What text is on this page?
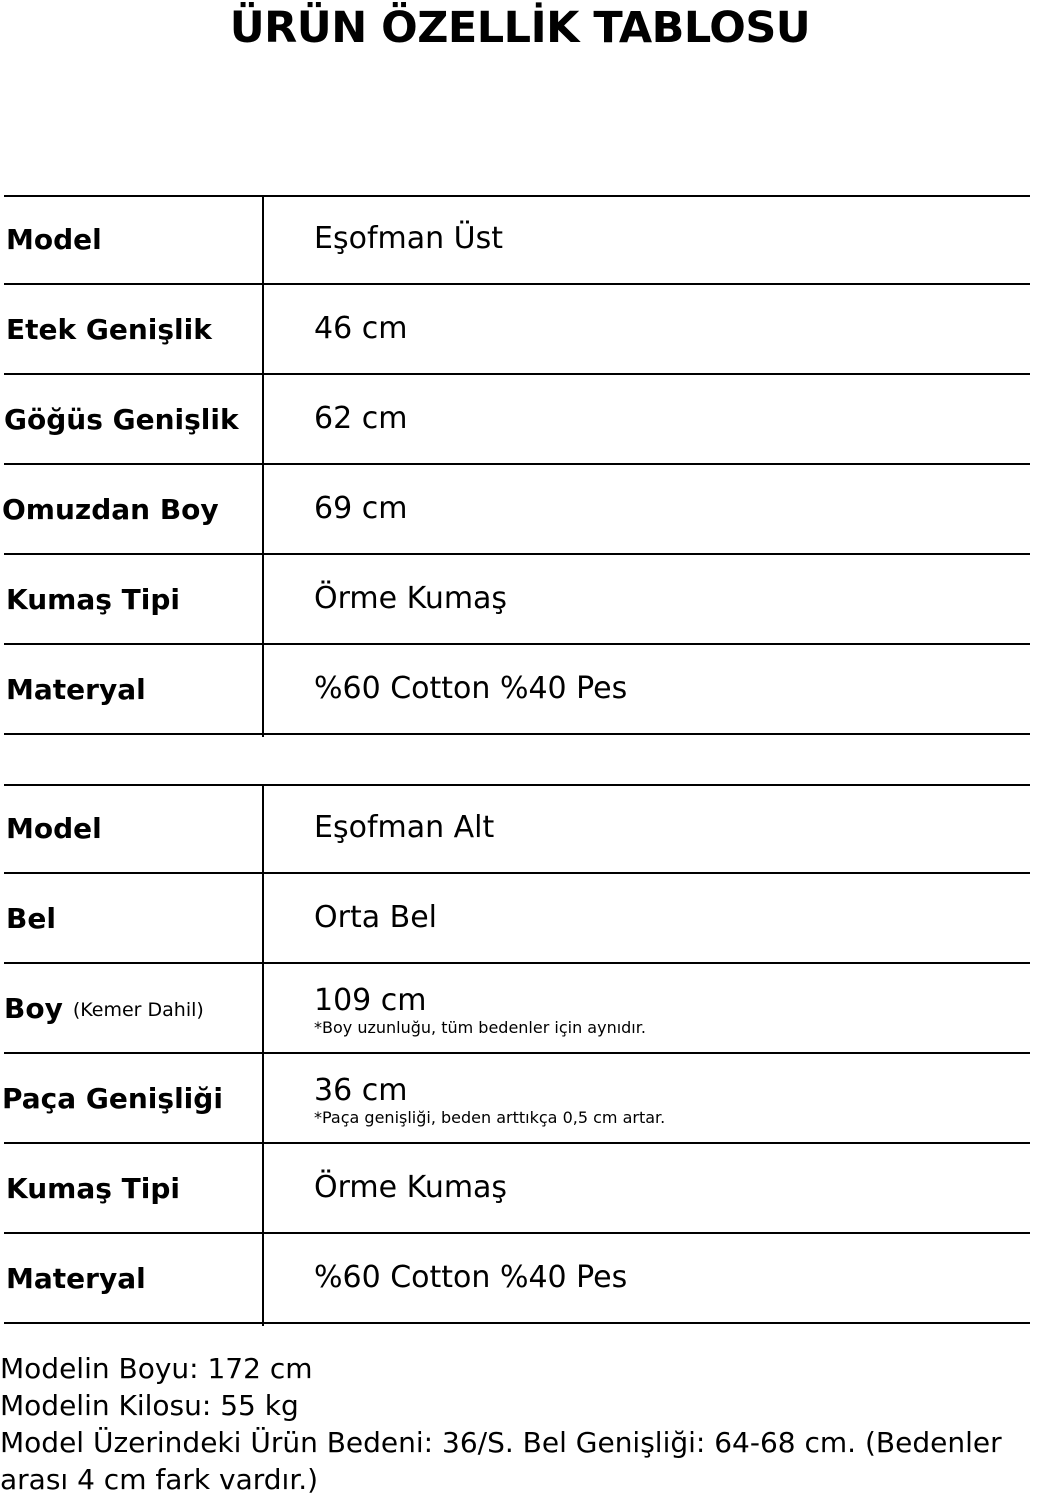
ÜRÜN ÖZELLİK TABLOSU
Model	Eşofman Üst
Etek Genişlik	46 cm
Göğüs Genişlik	62 cm
Omuzdan Boy	69 cm
Kumaş Tipi	Örme Kumaş
Materyal	%60 Cotton %40 Pes
Model	Eşofman Alt
Bel	Orta Bel
Boy (Kemer Dahil)	109 cm
*Boy uzunluğu, tüm bedenler için aynıdır.
Paça Genişliği	36 cm
*Paça genişliği, beden arttıkça 0,5 cm artar.
Kumaş Tipi	Örme Kumaş
Materyal	%60 Cotton %40 Pes
Modelin Boyu: 172 cm
Modelin Kilosu: 55 kg
Model Üzerindeki Ürün Bedeni: 36/S. Bel Genişliği: 64-68 cm. (Bedenler
arası 4 cm fark vardır.)
